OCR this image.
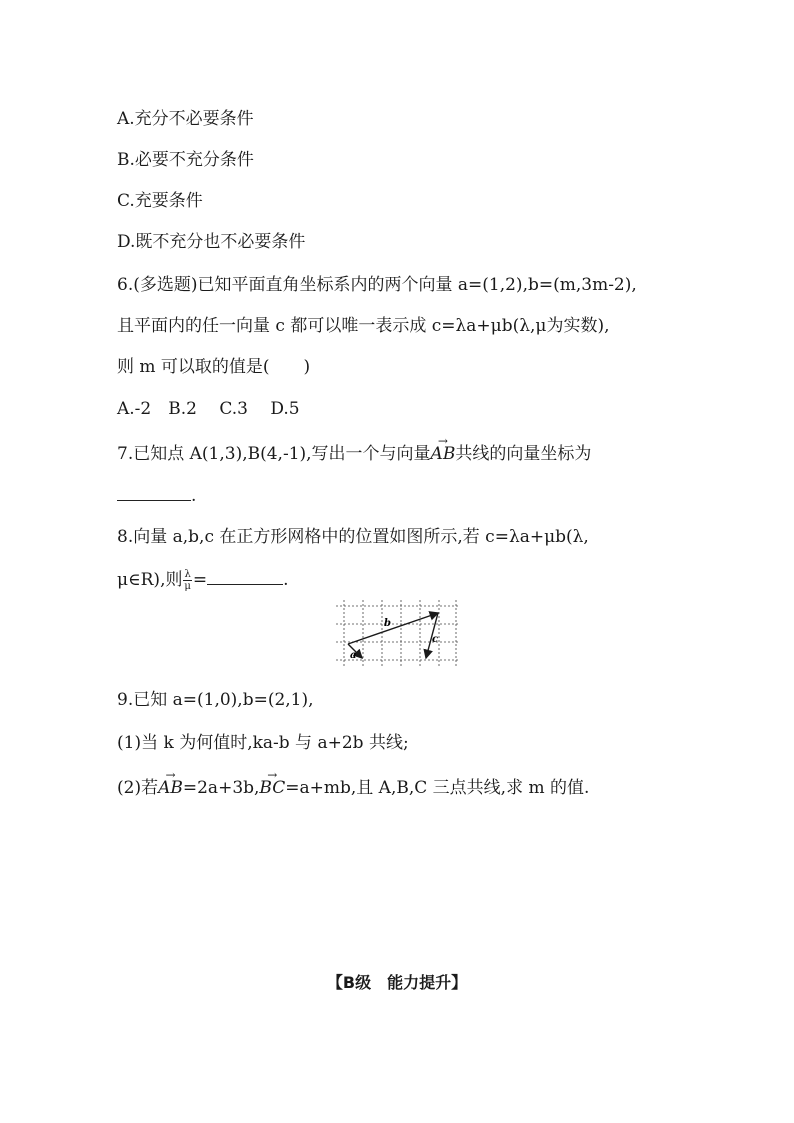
A.充分不必要条件
B.必要不充分条件
C.充要条件
D.既不充分也不必要条件
6.(多选题)已知平面直角坐标系内的两个向量 a=(1,2),b=(m,3m-2),
且平面内的任一向量 c 都可以唯一表示成 c=λa+μb(λ,μ为实数),
则 m 可以取的值是(　　)
A.-2　B.2　 C.3　 D.5
7.已知点 A(1,3),B(4,-1),写出一个与向量→ AB共线的向量坐标为
.
8.向量 a,b,c 在正方形网格中的位置如图所示,若 c=λa+μb(λ,
μ∈R),则 $\frac{\lambda}{\mu}$ =	.
b
c
a
9.已知 a=(1,0),b=(2,1),
(1)当 k 为何值时,ka-b 与 a+2b 共线;
(2)若→ AB=2a+3b,→ BC=a+mb,且 A,B,C 三点共线,求 m 的值.
【B级　能力提升】
